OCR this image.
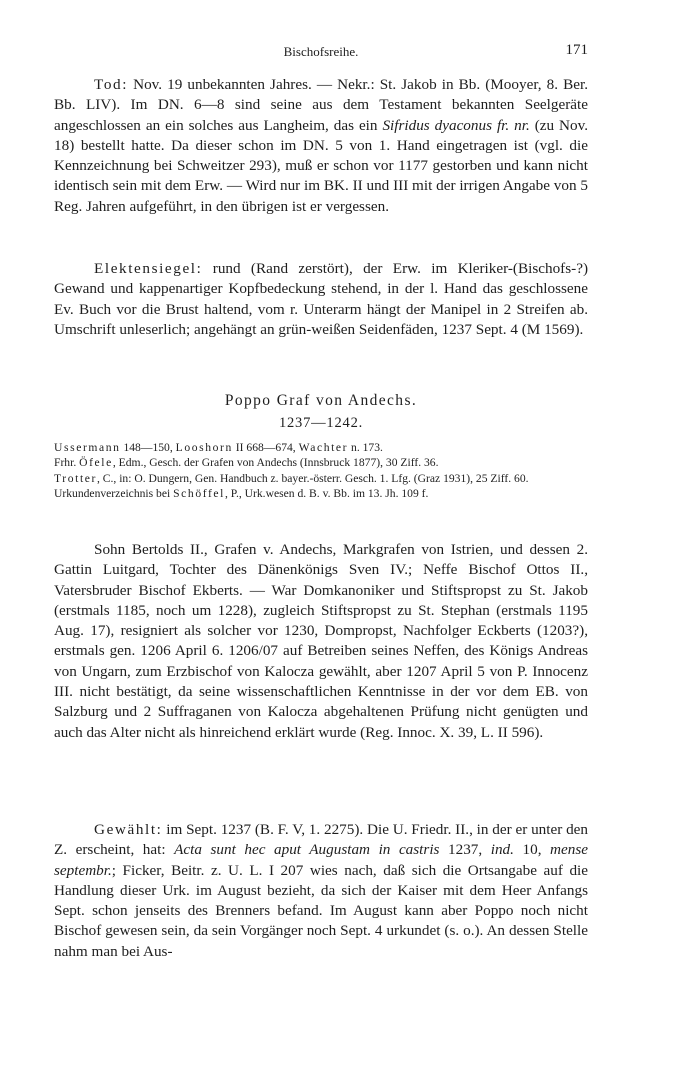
Bischofsreihe.	171

Tod: Nov. 19 unbekannten Jahres. — Nekr.: St. Jakob in Bb. (Mooyer, 8. Ber. Bb. LIV). Im DN. 6—8 sind seine aus dem Testament bekannten Seelgeräte angeschlossen an ein solches aus Langheim, das ein Sifridus dyaconus fr. nr. (zu Nov. 18) bestellt hatte. Da dieser schon im DN. 5 von 1. Hand eingetragen ist (vgl. die Kennzeichnung bei Schweitzer 293), muß er schon vor 1177 gestorben und kann nicht identisch sein mit dem Erw. — Wird nur im BK. II und III mit der irrigen Angabe von 5 Reg. Jahren aufgeführt, in den übrigen ist er vergessen.

Elektensiegel: rund (Rand zerstört), der Erw. im Kleriker-(Bischofs-?) Gewand und kappenartiger Kopfbedeckung stehend, in der l. Hand das geschlossene Ev. Buch vor die Brust haltend, vom r. Unterarm hängt der Manipel in 2 Streifen ab. Umschrift unleserlich; angehängt an grün-weißen Seidenfäden, 1237 Sept. 4 (M 1569).

Poppo Graf von Andechs.
1237—1242.
Ussermann 148—150, Looshorn II 668—674, Wachter n. 173.
Frhr. Öfele, Edm., Gesch. der Grafen von Andechs (Innsbruck 1877), 30 Ziff. 36.
Trotter, C., in: O. Dungern, Gen. Handbuch z. bayer.-österr. Gesch. 1. Lfg. (Graz 1931), 25 Ziff. 60.
Urkundenverzeichnis bei Schöffel, P., Urk.wesen d. B. v. Bb. im 13. Jh. 109 f.

Sohn Bertolds II., Grafen v. Andechs, Markgrafen von Istrien, und dessen 2. Gattin Luitgard, Tochter des Dänenkönigs Sven IV.; Neffe Bischof Ottos II., Vatersbruder Bischof Ekberts. — War Domkanoniker und Stiftspropst zu St. Jakob (erstmals 1185, noch um 1228), zugleich Stiftspropst zu St. Stephan (erstmals 1195 Aug. 17), resigniert als solcher vor 1230, Dompropst, Nachfolger Eckberts (1203?), erstmals gen. 1206 April 6. 1206/07 auf Betreiben seines Neffen, des Königs Andreas von Ungarn, zum Erzbischof von Kalocza gewählt, aber 1207 April 5 von P. Innocenz III. nicht bestätigt, da seine wissenschaftlichen Kenntnisse in der vor dem EB. von Salzburg und 2 Suffraganen von Kalocza abgehaltenen Prüfung nicht genügten und auch das Alter nicht als hinreichend erklärt wurde (Reg. Innoc. X. 39, L. II 596).

Gewählt: im Sept. 1237 (B. F. V, 1. 2275). Die U. Friedr. II., in der er unter den Z. erscheint, hat: Acta sunt hec aput Augustam in castris 1237, ind. 10, mense septembr.; Ficker, Beitr. z. U. L. I 207 wies nach, daß sich die Ortsangabe auf die Handlung dieser Urk. im August bezieht, da sich der Kaiser mit dem Heer Anfangs Sept. schon jenseits des Brenners befand. Im August kann aber Poppo noch nicht Bischof gewesen sein, da sein Vorgänger noch Sept. 4 urkundet (s. o.). An dessen Stelle nahm man bei Aus-
